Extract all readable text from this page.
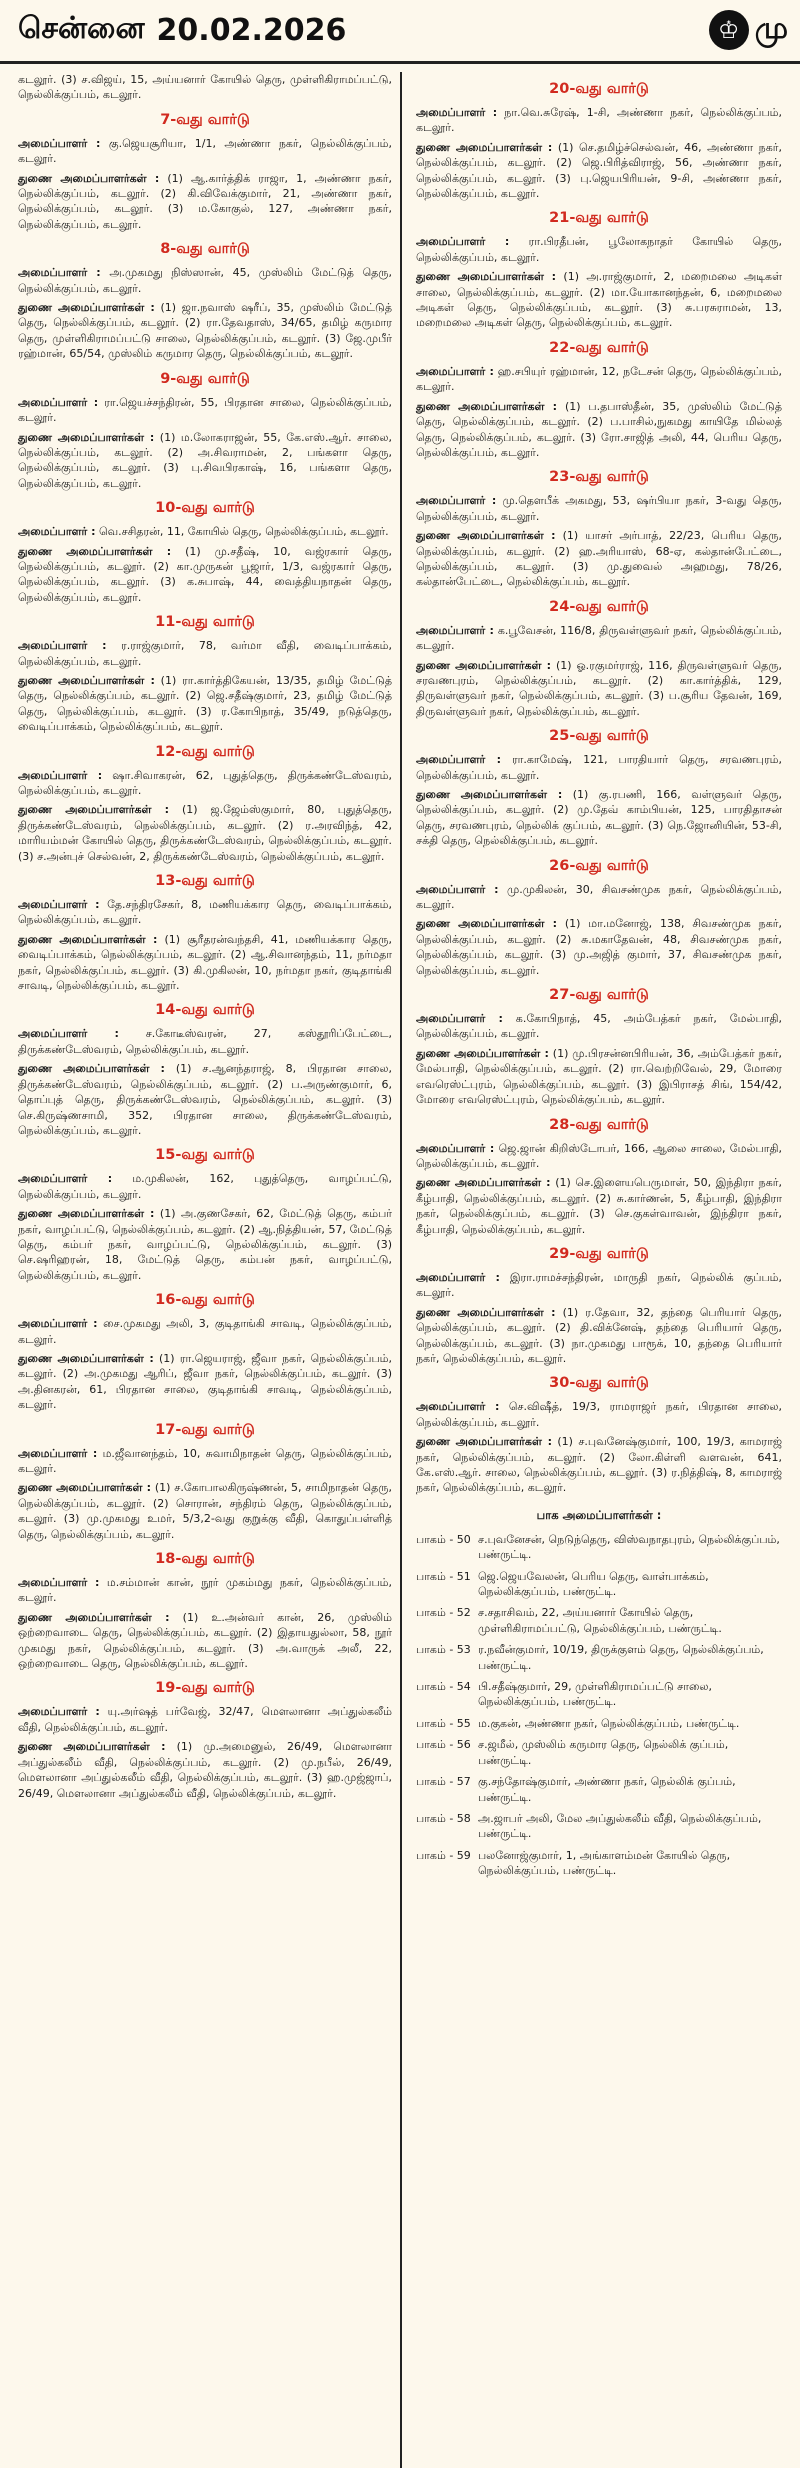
சென்னை 20.02.2026	♔ மு

கடலூர். (3) ச.விஜய், 15, அய்யனார் கோயில் தெரு, முள்ளிகிராமப்பட்டு, நெல்லிக்குப்பம், கடலூர்.

7-வது வார்டு

அமைப்பாளர் : கு.ஜெயசூரியா, 1/1, அண்ணா நகர், நெல்லிக்குப்பம், கடலூர்.

துணை அமைப்பாளர்கள் : (1) ஆ.கார்த்திக் ராஜா, 1, அண்ணா நகர், நெல்லிக்குப்பம், கடலூர். (2) கி.விவேக்குமார், 21, அண்ணா நகர், நெல்லிக்குப்பம், கடலூர். (3) ம.கோகுல், 127, அண்ணா நகர், நெல்லிக்குப்பம், கடலூர்.

8-வது வார்டு

அமைப்பாளர் : அ.முகமது நிஸ்ஸான், 45, முஸ்லிம் மேட்டுத் தெரு, நெல்லிக்குப்பம், கடலூர்.

துணை அமைப்பாளர்கள் : (1) ஜா.நவாஸ் ஷரீப், 35, முஸ்லிம் மேட்டுத் தெரு, நெல்லிக்குப்பம், கடலூர். (2) ரா.தேவதாஸ், 34/65, தமிழ் கருமார தெரு, முள்ளிகிராமப்பட்டு சாலை, நெல்லிக்குப்பம், கடலூர். (3) ஜே.முபீர் ரஹ்மான், 65/54, முஸ்லிம் கருமார தெரு, நெல்லிக்குப்பம், கடலூர்.

9-வது வார்டு

அமைப்பாளர் : ரா.ஜெயச்சந்திரன், 55, பிரதான சாலை, நெல்லிக்குப்பம், கடலூர்.

துணை அமைப்பாளர்கள் : (1) ம.லோகராஜன், 55, கே.எஸ்.ஆர். சாலை, நெல்லிக்குப்பம், கடலூர். (2) அ.சிவராமன், 2, பங்களா தெரு, நெல்லிக்குப்பம், கடலூர். (3) பு.சிவபிரகாஷ், 16, பங்களா தெரு, நெல்லிக்குப்பம், கடலூர்.

10-வது வார்டு

அமைப்பாளர் : வெ.சசிதரன், 11, கோயில் தெரு, நெல்லிக்குப்பம், கடலூர்.

துணை அமைப்பாளர்கள் : (1) மு.சதீஷ், 10, வஜ்ரகார் தெரு, நெல்லிக்குப்பம், கடலூர். (2) கா.முருகன் பூஜார், 1/3, வஜ்ரகார் தெரு, நெல்லிக்குப்பம், கடலூர். (3) க.சுபாஷ், 44, வைத்தியநாதன் தெரு, நெல்லிக்குப்பம், கடலூர்.

11-வது வார்டு

அமைப்பாளர் : ர.ராஜ்குமார், 78, வர்மா வீதி, வைடிப்பாக்கம், நெல்லிக்குப்பம், கடலூர்.

துணை அமைப்பாளர்கள் : (1) ரா.கார்த்திகேயன், 13/35, தமிழ் மேட்டுத் தெரு, நெல்லிக்குப்பம், கடலூர். (2) ஜெ.சதீஷ்குமார், 23, தமிழ் மேட்டுத் தெரு, நெல்லிக்குப்பம், கடலூர். (3) ர.கோபிநாத், 35/49, நடுத்தெரு, வைடிப்பாக்கம், நெல்லிக்குப்பம், கடலூர்.

12-வது வார்டு

அமைப்பாளர் : ஷா.சிவாகரன், 62, புதுத்தெரு, திருக்கண்டேஸ்வரம், நெல்லிக்குப்பம், கடலூர்.

துணை அமைப்பாளர்கள் : (1) ஜ.ஜேம்ஸ்குமார், 80, புதுத்தெரு, திருக்கண்டேஸ்வரம், நெல்லிக்குப்பம், கடலூர். (2) ர.அரவிந்த், 42, மாரியம்மன் கோயில் தெரு, திருக்கண்டேஸ்வரம், நெல்லிக்குப்பம், கடலூர். (3) ச.அன்புச் செல்வன், 2, திருக்கண்டேஸ்வரம், நெல்லிக்குப்பம், கடலூர்.

13-வது வார்டு

அமைப்பாளர் : தே.சந்திரசேகர், 8, மணியக்கார தெரு, வைடிப்பாக்கம், நெல்லிக்குப்பம், கடலூர்.

துணை அமைப்பாளர்கள் : (1) சூரீதரன்வந்தசி, 41, மணியக்கார தெரு, வைடிப்பாக்கம், நெல்லிக்குப்பம், கடலூர். (2) ஆ.சிவானந்தம், 11, நர்மதா நகர், நெல்லிக்குப்பம், கடலூர். (3) கி.முகிலன், 10, நர்மதா நகர், குடிதாங்கி சாவடி, நெல்லிக்குப்பம், கடலூர்.

14-வது வார்டு

அமைப்பாளர் : ச.கோடீஸ்வரன், 27, கஸ்தூரிப்பேட்டை, திருக்கண்டேஸ்வரம், நெல்லிக்குப்பம், கடலூர்.

துணை அமைப்பாளர்கள் : (1) ச.ஆனந்தராஜ், 8, பிரதான சாலை, திருக்கண்டேஸ்வரம், நெல்லிக்குப்பம், கடலூர். (2) ப.அருண்குமார், 6, தொப்புத் தெரு, திருக்கண்டேஸ்வரம், நெல்லிக்குப்பம், கடலூர். (3) செ.கிருஷ்ணசாமி, 352, பிரதான சாலை, திருக்கண்டேஸ்வரம், நெல்லிக்குப்பம், கடலூர்.

15-வது வார்டு

அமைப்பாளர் : ம.முகிலன், 162, புதுத்தெரு, வாழப்பட்டு, நெல்லிக்குப்பம், கடலூர்.

துணை அமைப்பாளர்கள் : (1) அ.குணசேகர், 62, மேட்டுத் தெரு, கம்பர் நகர், வாழப்பட்டு, நெல்லிக்குப்பம், கடலூர். (2) ஆ.நித்தியன், 57, மேட்டுத் தெரு, கம்பர் நகர், வாழப்பட்டு, நெல்லிக்குப்பம், கடலூர். (3) செ.ஷரிஹரன், 18, மேட்டுத் தெரு, கம்பன் நகர், வாழப்பட்டு, நெல்லிக்குப்பம், கடலூர்.

16-வது வார்டு

அமைப்பாளர் : சை.முகமது அலி, 3, குடிதாங்கி சாவடி, நெல்லிக்குப்பம், கடலூர்.

துணை அமைப்பாளர்கள் : (1) ரா.ஜெயராஜ், ஜீவா நகர், நெல்லிக்குப்பம், கடலூர். (2) அ.முகமது ஆரிப், ஜீவா நகர், நெல்லிக்குப்பம், கடலூர். (3) அ.தினகரன், 61, பிரதான சாலை, குடிதாங்கி சாவடி, நெல்லிக்குப்பம், கடலூர்.

17-வது வார்டு

அமைப்பாளர் : ம.ஜீவானந்தம், 10, சுவாமிநாதன் தெரு, நெல்லிக்குப்பம், கடலூர்.

துணை அமைப்பாளர்கள் : (1) ச.கோபாலகிருஷ்ணன், 5, சாமிநாதன் தெரு, நெல்லிக்குப்பம், கடலூர். (2) சொரான், சந்திரம் தெரு, நெல்லிக்குப்பம், கடலூர். (3) மு.முகமது உமர், 5/3,2-வது குறுக்கு வீதி, கொதுப்பள்ளித் தெரு, நெல்லிக்குப்பம், கடலூர்.

18-வது வார்டு

அமைப்பாளர் : ம.சம்மான் கான், நூர் முகம்மது நகர், நெல்லிக்குப்பம், கடலூர்.

துணை அமைப்பாளர்கள் : (1) உ.அன்வர் கான், 26, முஸ்லிம் ஒற்றைவாடை தெரு, நெல்லிக்குப்பம், கடலூர். (2) இதாயதுல்லா, 58, நூர் முகமது நகர், நெல்லிக்குப்பம், கடலூர். (3) அ.வாருக் அலீ, 22, ஒற்றைவாடை தெரு, நெல்லிக்குப்பம், கடலூர்.

19-வது வார்டு

அமைப்பாளர் : யு.அர்ஷத் பர்வேஜ், 32/47, மௌலானா அப்துல்கலீம் வீதி, நெல்லிக்குப்பம், கடலூர்.

துணை அமைப்பாளர்கள் : (1) மு.அமைனுல், 26/49, மௌலானா அப்துல்கலீம் வீதி, நெல்லிக்குப்பம், கடலூர். (2) மு.நபீல், 26/49, மௌலானா அப்துல்கலீம் வீதி, நெல்லிக்குப்பம், கடலூர். (3) ஹ.முஜ்ஜாப், 26/49, மௌலானா அப்துல்கலீம் வீதி, நெல்லிக்குப்பம், கடலூர்.

20-வது வார்டு

அமைப்பாளர் : நா.வெ.சுரேஷ், 1-சி, அண்ணா நகர், நெல்லிக்குப்பம், கடலூர்.

துணை அமைப்பாளர்கள் : (1) செ.தமிழ்ச்செல்வன், 46, அண்ணா நகர், நெல்லிக்குப்பம், கடலூர். (2) ஜெ.பிரித்விராஜ், 56, அண்ணா நகர், நெல்லிக்குப்பம், கடலூர். (3) பு.ஜெயபிரியன், 9-சி, அண்ணா நகர், நெல்லிக்குப்பம், கடலூர்.

21-வது வார்டு

அமைப்பாளர் : ரா.பிரதீபன், பூலோகநாதர் கோயில் தெரு, நெல்லிக்குப்பம், கடலூர்.

துணை அமைப்பாளர்கள் : (1) அ.ராஜ்குமார், 2, மறைமலை அடிகள் சாலை, நெல்லிக்குப்பம், கடலூர். (2) மா.யோகானந்தன், 6, மறைமலை அடிகள் தெரு, நெல்லிக்குப்பம், கடலூர். (3) சு.பரசுராமன், 13, மறைமலை அடிகள் தெரு, நெல்லிக்குப்பம், கடலூர்.

22-வது வார்டு

அமைப்பாளர் : ஹ.சபியுர் ரஹ்மான், 12, நடேசன் தெரு, நெல்லிக்குப்பம், கடலூர்.

துணை அமைப்பாளர்கள் : (1) ப.தபாஸ்தீன், 35, முஸ்லிம் மேட்டுத் தெரு, நெல்லிக்குப்பம், கடலூர். (2) ப.பாசில்,நுகமது காயிதே மில்லத் தெரு, நெல்லிக்குப்பம், கடலூர். (3) ரோ.சாஜித் அலி, 44, பெரிய தெரு, நெல்லிக்குப்பம், கடலூர்.

23-வது வார்டு

அமைப்பாளர் : மு.தௌபீக் அகமது, 53, ஷர்பியா நகர், 3-வது தெரு, நெல்லிக்குப்பம், கடலூர்.

துணை அமைப்பாளர்கள் : (1) யாசர் அர்பாத், 22/23, பெரிய தெரு, நெல்லிக்குப்பம், கடலூர். (2) ஹ.அரியாஸ், 68-ஏ, கல்தான்பேட்டை, நெல்லிக்குப்பம், கடலூர். (3) மு.துவைல் அஹமது, 78/26, கல்தான்பேட்டை, நெல்லிக்குப்பம், கடலூர்.

24-வது வார்டு

அமைப்பாளர் : க.பூவேசன், 116/8, திருவள்ளுவர் நகர், நெல்லிக்குப்பம், கடலூர்.

துணை அமைப்பாளர்கள் : (1) ஓ.ரகுமர்ராஜ், 116, திருவள்ளுவர் தெரு, சரவணபுரம், நெல்லிக்குப்பம், கடலூர். (2) கா.கார்த்திக், 129, திருவள்ளுவர் நகர், நெல்லிக்குப்பம், கடலூர். (3) ப.சூரிய தேவன், 169, திருவள்ளுவர் நகர், நெல்லிக்குப்பம், கடலூர்.

25-வது வார்டு

அமைப்பாளர் : ரா.காமேஷ், 121, பாரதியார் தெரு, சரவணபுரம், நெல்லிக்குப்பம், கடலூர்.

துணை அமைப்பாளர்கள் : (1) கு.ரபணி, 166, வள்ளுவர் தெரு, நெல்லிக்குப்பம், கடலூர். (2) மு.தேவ் காம்பியன், 125, பாரதிதாசன் தெரு, சரவணபுரம், நெல்லிக் குப்பம், கடலூர். (3) நெ.ஜோனியின், 53-சி, சக்தி தெரு, நெல்லிக்குப்பம், கடலூர்.

26-வது வார்டு

அமைப்பாளர் : மு.முகிலன், 30, சிவசண்முக நகர், நெல்லிக்குப்பம், கடலூர்.

துணை அமைப்பாளர்கள் : (1) மா.மனோஜ், 138, சிவசண்முக நகர், நெல்லிக்குப்பம், கடலூர். (2) சு.மகாதேவன், 48, சிவசண்முக நகர், நெல்லிக்குப்பம், கடலூர். (3) மு.அஜித் குமார், 37, சிவசண்முக நகர், நெல்லிக்குப்பம், கடலூர்.

27-வது வார்டு

அமைப்பாளர் : க.கோபிநாத், 45, அம்பேத்கர் நகர், மேல்பாதி, நெல்லிக்குப்பம், கடலூர்.

துணை அமைப்பாளர்கள் : (1) மு.பிரசன்னபிரியன், 36, அம்பேத்கர் நகர், மேல்பாதி, நெல்லிக்குப்பம், கடலூர். (2) ரா.வெற்றிவேல், 29, மோரை எவரெஸ்ட்புரம், நெல்லிக்குப்பம், கடலூர். (3) இபிராசத் சிங், 154/42, மோரை எவரெஸ்ட்புரம், நெல்லிக்குப்பம், கடலூர்.

28-வது வார்டு

அமைப்பாளர் : ஜெ.ஜான் கிறிஸ்டோபர், 166, ஆலை சாலை, மேல்பாதி, நெல்லிக்குப்பம், கடலூர்.

துணை அமைப்பாளர்கள் : (1) செ.இளையபெருமாள், 50, இந்திரா நகர், கீழ்பாதி, நெல்லிக்குப்பம், கடலூர். (2) சு.கார்ணன், 5, கீழ்பாதி, இந்திரா நகர், நெல்லிக்குப்பம், கடலூர். (3) செ.குகள்வாவன், இந்திரா நகர், கீழ்பாதி, நெல்லிக்குப்பம், கடலூர்.

29-வது வார்டு

அமைப்பாளர் : இரா.ராமச்சந்திரன், மாருதி நகர், நெல்லிக் குப்பம், கடலூர்.

துணை அமைப்பாளர்கள் : (1) ர.தேவா, 32, தந்தை பெரியார் தெரு, நெல்லிக்குப்பம், கடலூர். (2) தி.விக்னேஷ், தந்தை பெரியார் தெரு, நெல்லிக்குப்பம், கடலூர். (3) நா.முகமது பாரூக், 10, தந்தை பெரியார் நகர், நெல்லிக்குப்பம், கடலூர்.

30-வது வார்டு

அமைப்பாளர் : செ.விஷீத், 19/3, ராமராஜர் நகர், பிரதான சாலை, நெல்லிக்குப்பம், கடலூர்.

துணை அமைப்பாளர்கள் : (1) ச.புவனேஷ்குமார், 100, 19/3, காமராஜ் நகர், நெல்லிக்குப்பம், கடலூர். (2) லோ.கிள்ளி வளவன், 641, கே.எஸ்.ஆர். சாலை, நெல்லிக்குப்பம், கடலூர். (3) ர.நித்திஷ், 8, காமராஜ் நகர், நெல்லிக்குப்பம், கடலூர்.

பாக அமைப்பாளர்கள் :
பாகம் - 50 ச.புவனேசன், நெடுந்தெரு, விஸ்வநாதபுரம், நெல்லிக்குப்பம், பண்ருட்டி.
பாகம் - 51 ஜெ.ஜெயவேலன், பெரிய தெரு, வாள்பாக்கம், நெல்லிக்குப்பம், பண்ருட்டி.
பாகம் - 52 ச.சதாசிவம், 22, அய்யனார் கோயில் தெரு, முள்ளிகிராமப்பட்டு, நெல்லிக்குப்பம், பண்ருட்டி.
பாகம் - 53 ர.நவீன்குமார், 10/19, திருக்குளம் தெரு, நெல்லிக்குப்பம், பண்ருட்டி.
பாகம் - 54 பி.சதீஷ்குமார், 29, முள்ளிகிராமப்பட்டு சாலை, நெல்லிக்குப்பம், பண்ருட்டி.
பாகம் - 55 ம.குகன், அண்ணா நகர், நெல்லிக்குப்பம், பண்ருட்டி.
பாகம் - 56 ச.ஜமீல், முஸ்லிம் கருமார தெரு, நெல்லிக் குப்பம், பண்ருட்டி.
பாகம் - 57 கு.சந்தோஷ்குமார், அண்ணா நகர், நெல்லிக் குப்பம், பண்ருட்டி.
பாகம் - 58 அ.ஜாபர் அலி, மேல அப்துல்கலீம் வீதி, நெல்லிக்குப்பம், பண்ருட்டி.
பாகம் - 59 பலனோஜ்குமார், 1, அங்காளம்மன் கோயில் தெரு, நெல்லிக்குப்பம், பண்ருட்டி.
